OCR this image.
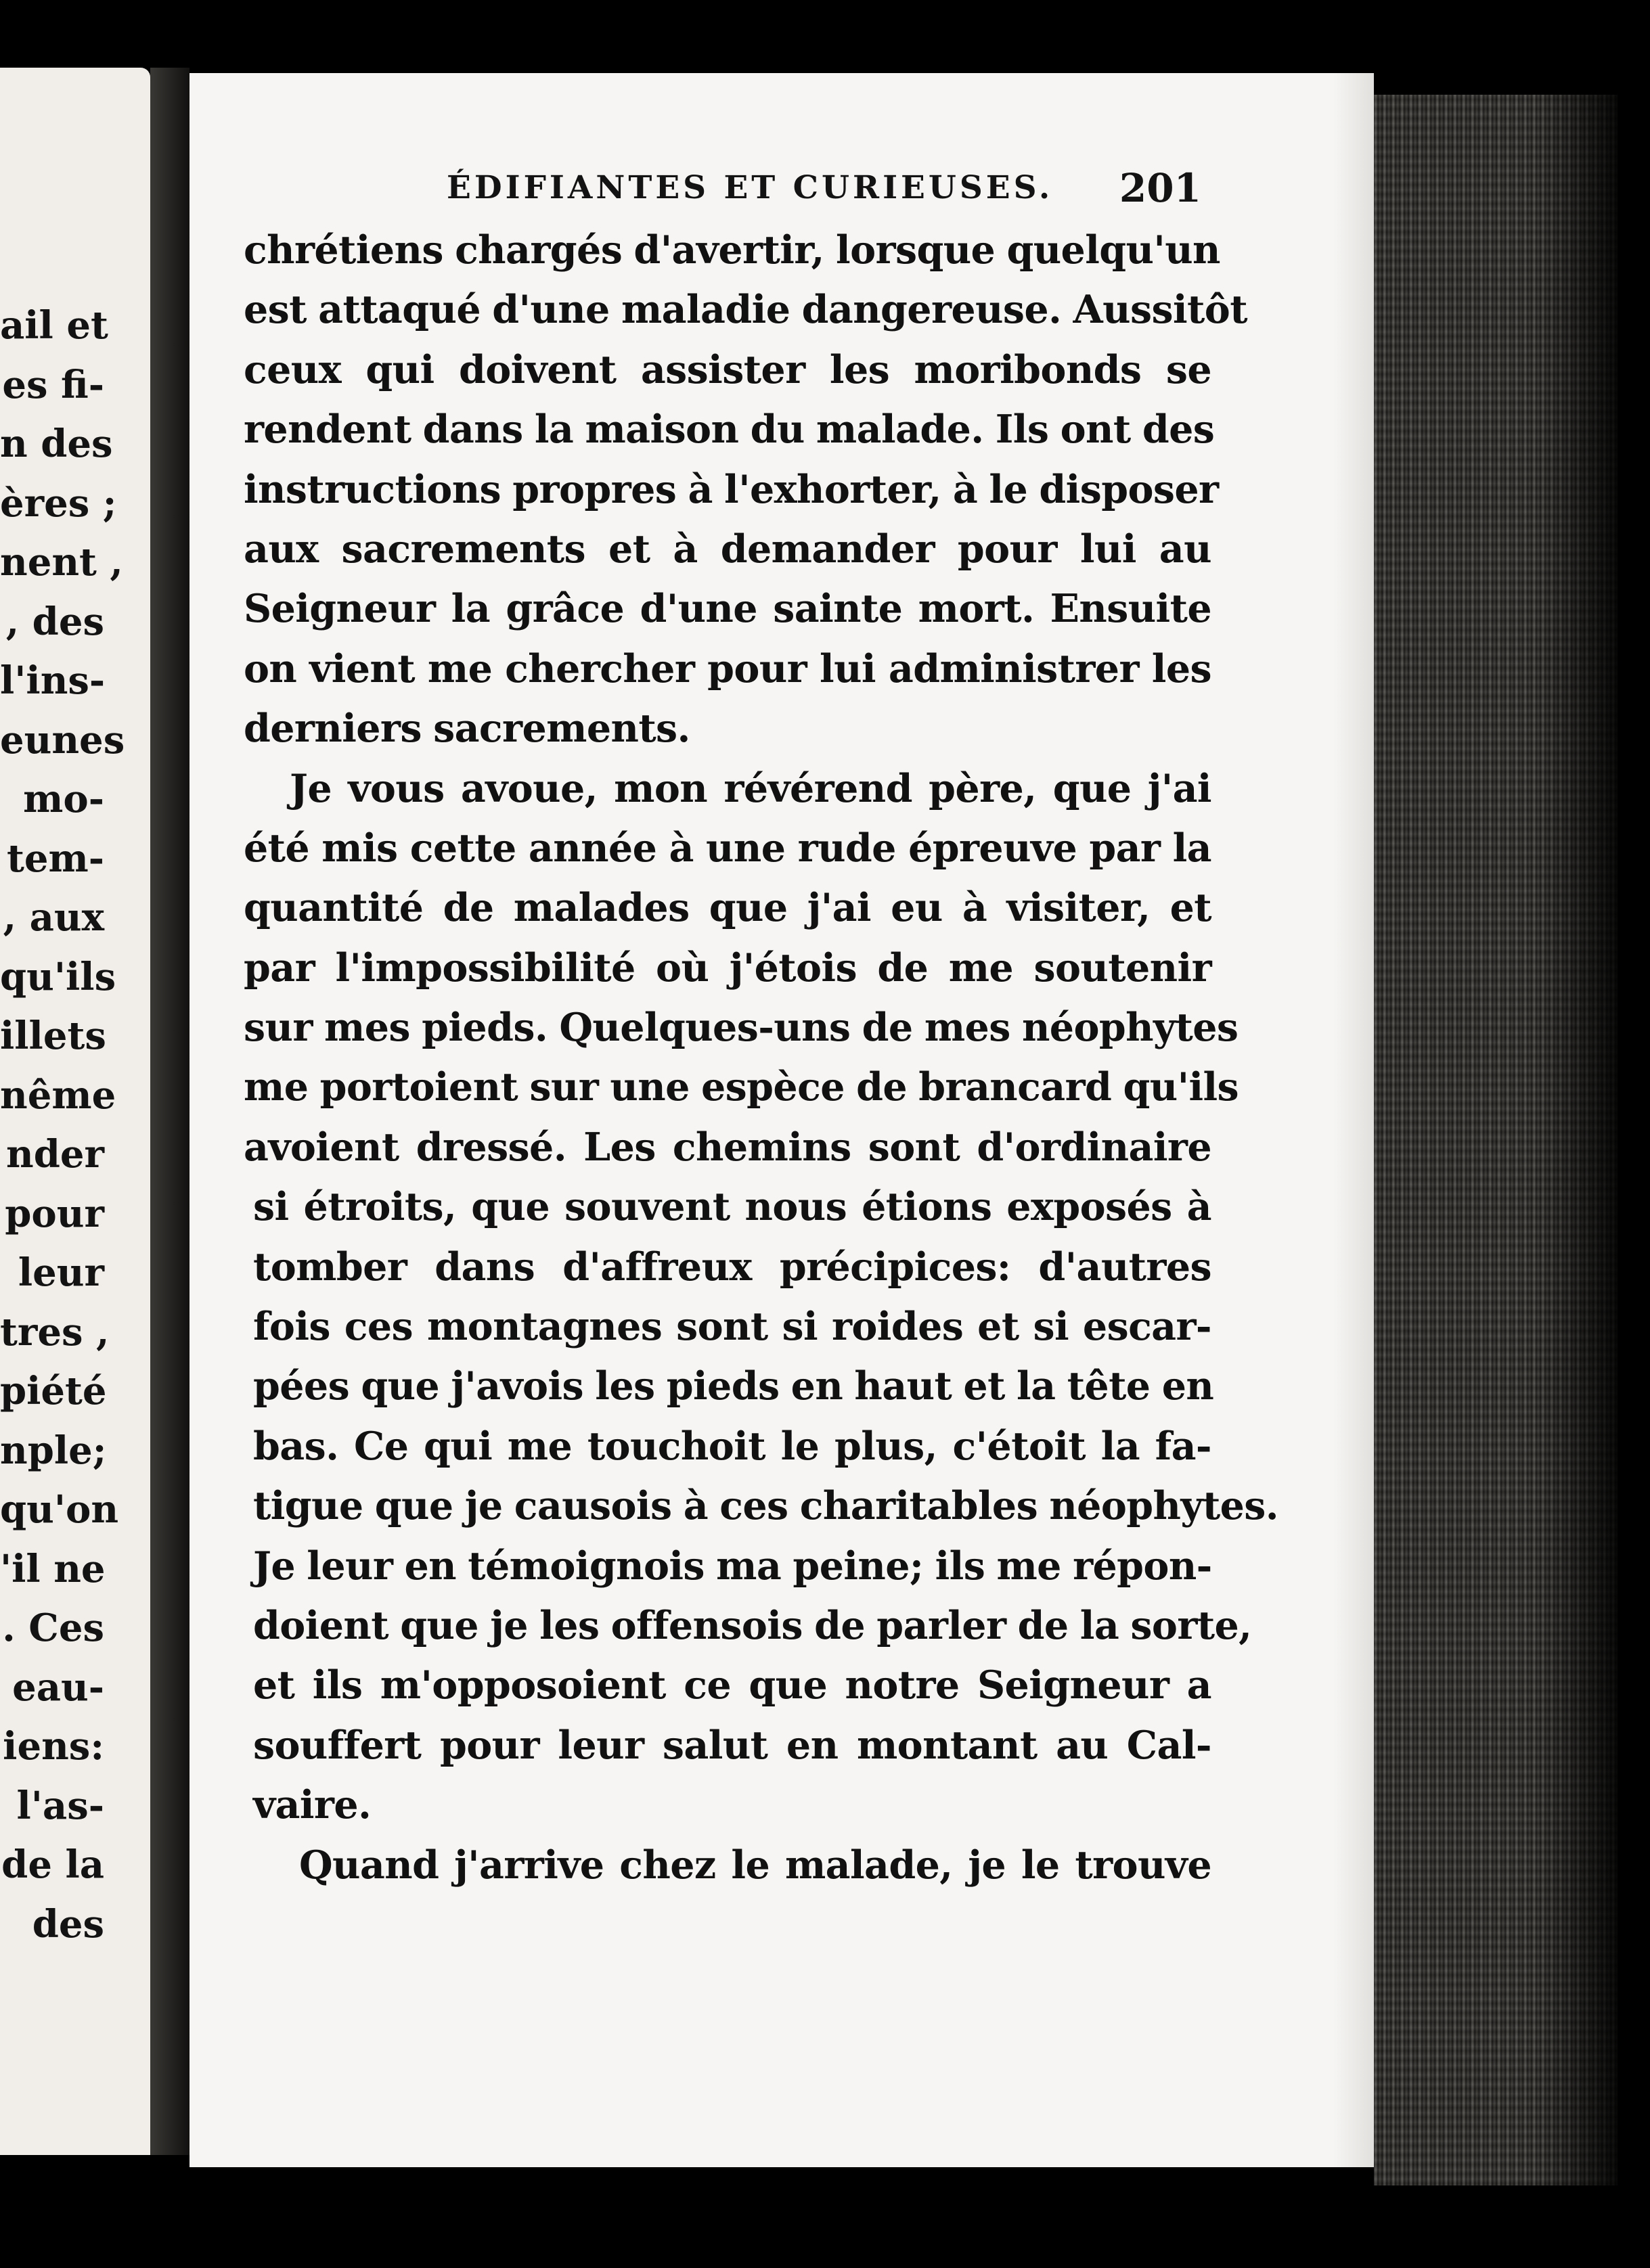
ail et
es fi-
n des
ères ;
nent ,
, des
l'ins-
eunes
mo-
tem-
, aux
qu'ils
illets
nême
nder
pour
leur
tres ,
piété
nple;
qu'on
'il ne
. Ces
eau-
iens:
l'as-
de la
des
ÉDIFIANTES ET CURIEUSES. 201
chrétiens chargés d'avertir, lorsque quelqu'un
est attaqué d'une maladie dangereuse. Aussitôt
ceux qui doivent assister les moribonds se
rendent dans la maison du malade. Ils ont des
instructions propres à l'exhorter, à le disposer
aux sacrements et à demander pour lui au
Seigneur la grâce d'une sainte mort. Ensuite
on vient me chercher pour lui administrer les
derniers sacrements.
Je vous avoue, mon révérend père, que j'ai
été mis cette année à une rude épreuve par la
quantité de malades que j'ai eu à visiter, et
par l'impossibilité où j'étois de me soutenir
sur mes pieds. Quelques-uns de mes néophytes
me portoient sur une espèce de brancard qu'ils
avoient dressé. Les chemins sont d'ordinaire
si étroits, que souvent nous étions exposés à
tomber dans d'affreux précipices: d'autres
fois ces montagnes sont si roides et si escar-
pées que j'avois les pieds en haut et la tête en
bas. Ce qui me touchoit le plus, c'étoit la fa-
tigue que je causois à ces charitables néophytes.
Je leur en témoignois ma peine; ils me répon-
doient que je les offensois de parler de la sorte,
et ils m'opposoient ce que notre Seigneur a
souffert pour leur salut en montant au Cal-
vaire.
Quand j'arrive chez le malade, je le trouve
